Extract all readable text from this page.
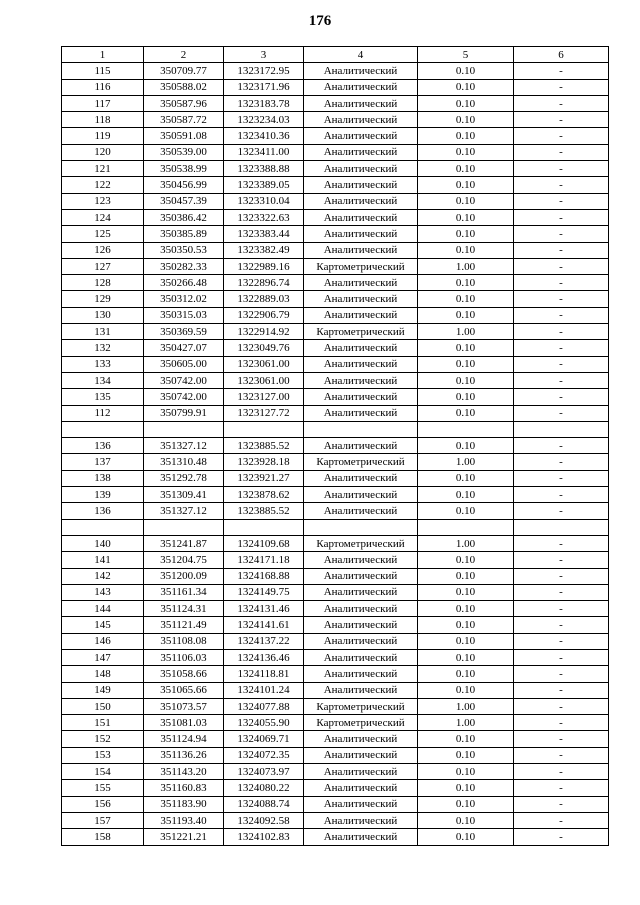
176
1	2	3	4	5	6
115	350709.77	1323172.95	Аналитический	0.10	-
116	350588.02	1323171.96	Аналитический	0.10	-
117	350587.96	1323183.78	Аналитический	0.10	-
118	350587.72	1323234.03	Аналитический	0.10	-
119	350591.08	1323410.36	Аналитический	0.10	-
120	350539.00	1323411.00	Аналитический	0.10	-
121	350538.99	1323388.88	Аналитический	0.10	-
122	350456.99	1323389.05	Аналитический	0.10	-
123	350457.39	1323310.04	Аналитический	0.10	-
124	350386.42	1323322.63	Аналитический	0.10	-
125	350385.89	1323383.44	Аналитический	0.10	-
126	350350.53	1323382.49	Аналитический	0.10	-
127	350282.33	1322989.16	Картометрический	1.00	-
128	350266.48	1322896.74	Аналитический	0.10	-
129	350312.02	1322889.03	Аналитический	0.10	-
130	350315.03	1322906.79	Аналитический	0.10	-
131	350369.59	1322914.92	Картометрический	1.00	-
132	350427.07	1323049.76	Аналитический	0.10	-
133	350605.00	1323061.00	Аналитический	0.10	-
134	350742.00	1323061.00	Аналитический	0.10	-
135	350742.00	1323127.00	Аналитический	0.10	-
112	350799.91	1323127.72	Аналитический	0.10	-

136	351327.12	1323885.52	Аналитический	0.10	-
137	351310.48	1323928.18	Картометрический	1.00	-
138	351292.78	1323921.27	Аналитический	0.10	-
139	351309.41	1323878.62	Аналитический	0.10	-
136	351327.12	1323885.52	Аналитический	0.10	-

140	351241.87	1324109.68	Картометрический	1.00	-
141	351204.75	1324171.18	Аналитический	0.10	-
142	351200.09	1324168.88	Аналитический	0.10	-
143	351161.34	1324149.75	Аналитический	0.10	-
144	351124.31	1324131.46	Аналитический	0.10	-
145	351121.49	1324141.61	Аналитический	0.10	-
146	351108.08	1324137.22	Аналитический	0.10	-
147	351106.03	1324136.46	Аналитический	0.10	-
148	351058.66	1324118.81	Аналитический	0.10	-
149	351065.66	1324101.24	Аналитический	0.10	-
150	351073.57	1324077.88	Картометрический	1.00	-
151	351081.03	1324055.90	Картометрический	1.00	-
152	351124.94	1324069.71	Аналитический	0.10	-
153	351136.26	1324072.35	Аналитический	0.10	-
154	351143.20	1324073.97	Аналитический	0.10	-
155	351160.83	1324080.22	Аналитический	0.10	-
156	351183.90	1324088.74	Аналитический	0.10	-
157	351193.40	1324092.58	Аналитический	0.10	-
158	351221.21	1324102.83	Аналитический	0.10	-
